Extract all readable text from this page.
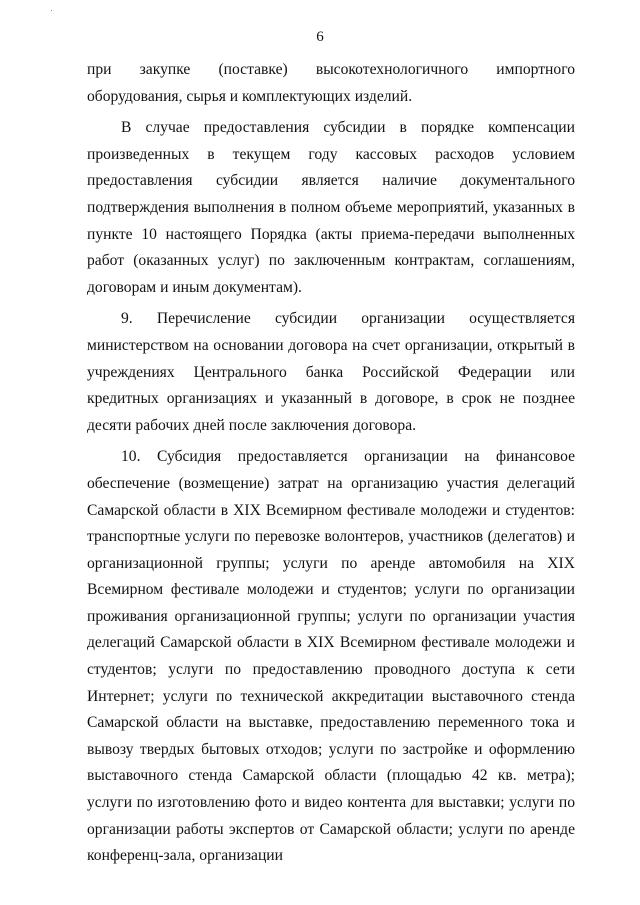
6

при закупке (поставке) высокотехнологичного импортного оборудования, сырья и комплектующих изделий.

В случае предоставления субсидии в порядке компенсации произведенных в текущем году кассовых расходов условием предоставления субсидии является наличие документального подтверждения выполнения в полном объеме мероприятий, указанных в пункте 10 настоящего Порядка (акты приема-передачи выполненных работ (оказанных услуг) по заключенным контрактам, соглашениям, договорам и иным документам).

9. Перечисление субсидии организации осуществляется министерством на основании договора на счет организации, открытый в учреждениях Центрального банка Российской Федерации или кредитных организациях и указанный в договоре, в срок не позднее десяти рабочих дней после заключения договора.

10. Субсидия предоставляется организации на финансовое обеспечение (возмещение) затрат на организацию участия делегаций Самарской области в XIX Всемирном фестивале молодежи и студентов: транспортные услуги по перевозке волонтеров, участников (делегатов) и организационной группы; услуги по аренде автомобиля на XIX Всемирном фестивале молодежи и студентов; услуги по организации проживания организационной группы; услуги по организации участия делегаций Самарской области в XIX Всемирном фестивале молодежи и студентов; услуги по предоставлению проводного доступа к сети Интернет; услуги по технической аккредитации выставочного стенда Самарской области на выставке, предоставлению переменного тока и вывозу твердых бытовых отходов; услуги по застройке и оформлению выставочного стенда Самарской области (площадью 42 кв. метра); услуги по изготовлению фото и видео контента для выставки; услуги по организации работы экспертов от Самарской области; услуги по аренде конференц-зала, организации
